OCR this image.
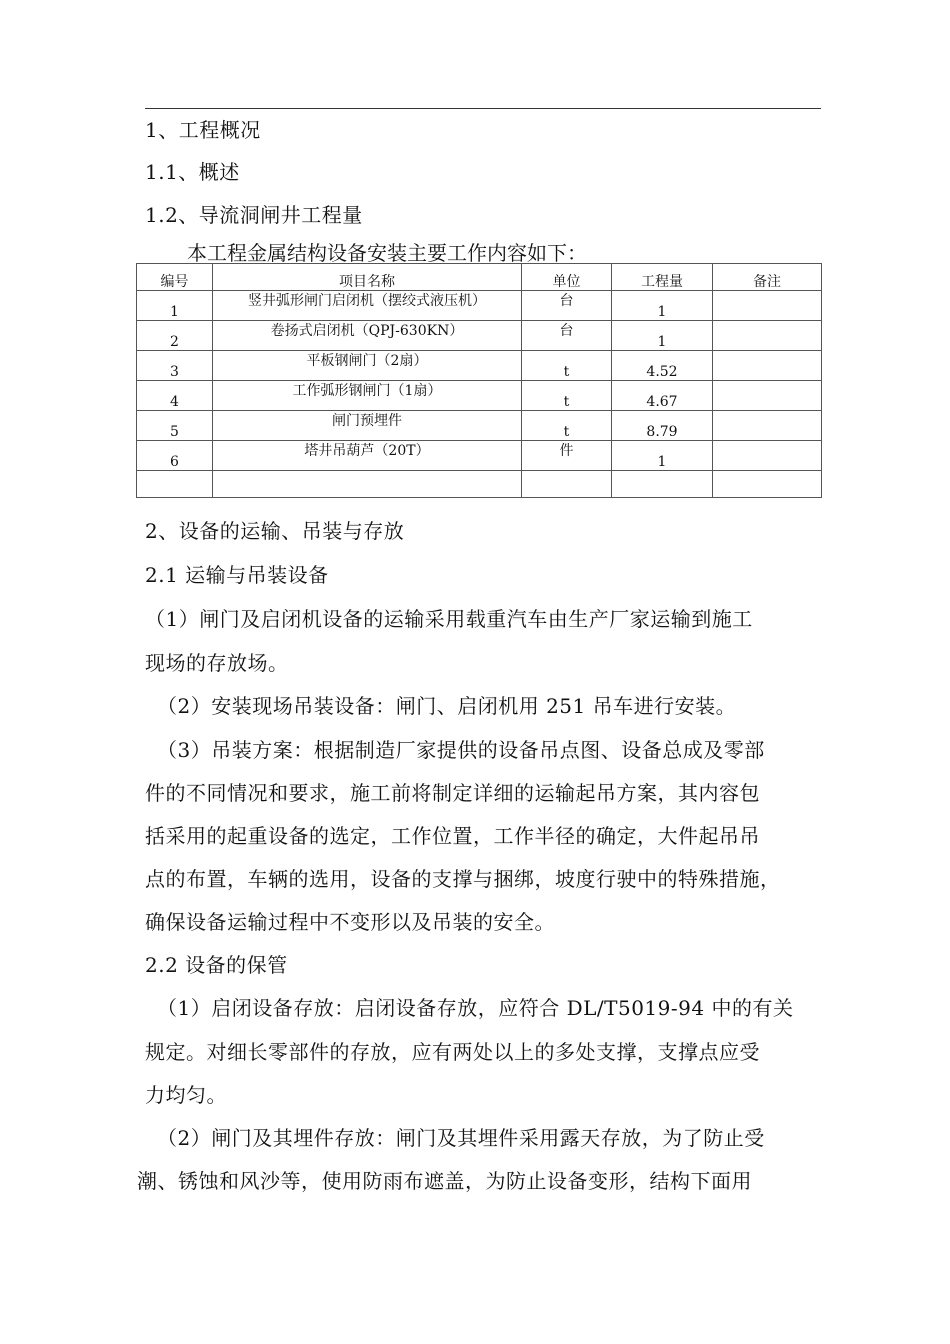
1、工程概况
1.1、概述
1.2、导流洞闸井工程量
本工程金属结构设备安装主要工作内容如下：
编号	项目名称	单位	工程量	备注
1	竖井弧形闸门启闭机（摆绞式液压机）	台	1	
2	卷扬式启闭机（QPJ-630KN）	台	1	
3	平板钢闸门（2扇）	t	4.52	
4	工作弧形钢闸门（1扇）	t	4.67	
5	闸门预埋件	t	8.79	
6	塔井吊葫芦（20T）	件	1	

2、设备的运输、吊装与存放
2.1 运输与吊装设备
（1）闸门及启闭机设备的运输采用载重汽车由生产厂家运输到施工
现场的存放场。
（2）安装现场吊装设备：闸门、启闭机用 251 吊车进行安装。
（3）吊装方案：根据制造厂家提供的设备吊点图、设备总成及零部
件的不同情况和要求，施工前将制定详细的运输起吊方案，其内容包
括采用的起重设备的选定，工作位置，工作半径的确定，大件起吊吊
点的布置，车辆的选用，设备的支撑与捆绑，坡度行驶中的特殊措施，
确保设备运输过程中不变形以及吊装的安全。
2.2 设备的保管
（1）启闭设备存放：启闭设备存放，应符合 DL/T5019-94 中的有关
规定。对细长零部件的存放，应有两处以上的多处支撑，支撑点应受
力均匀。
（2）闸门及其埋件存放：闸门及其埋件采用露天存放，为了防止受
潮、锈蚀和风沙等，使用防雨布遮盖，为防止设备变形，结构下面用
